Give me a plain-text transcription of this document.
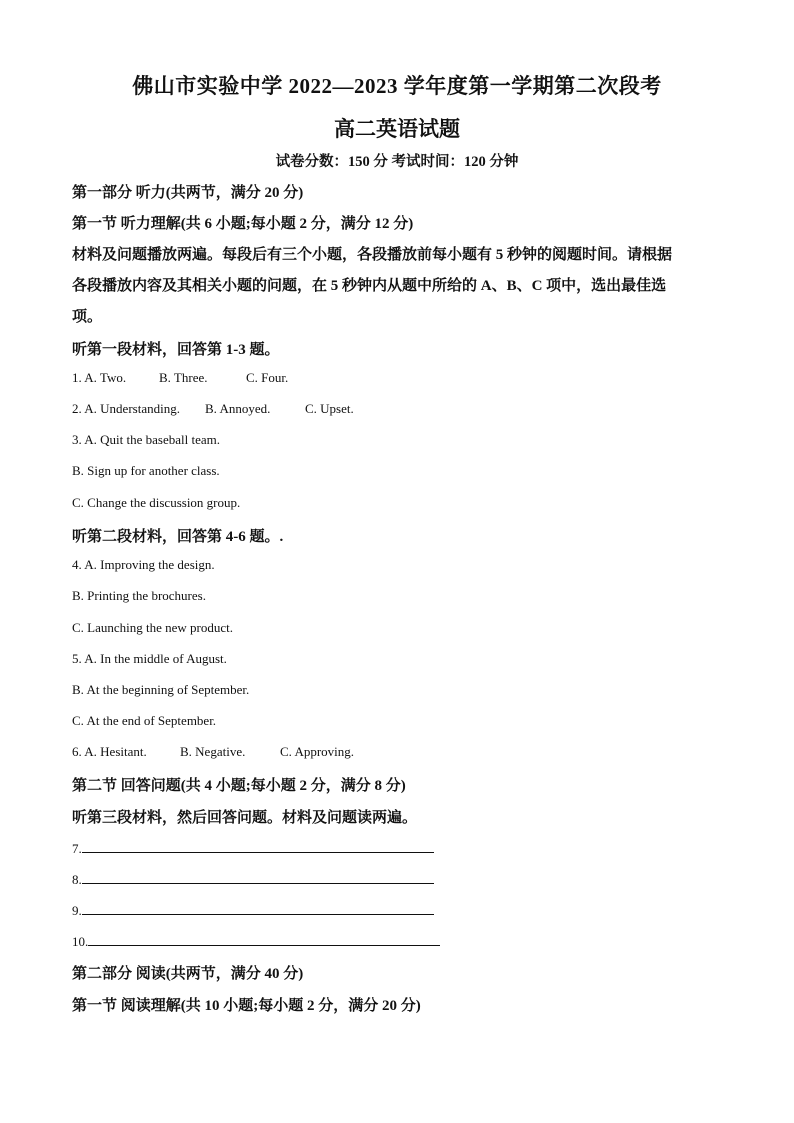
佛山市实验中学 2022—2023 学年度第一学期第二次段考
高二英语试题
试卷分数：150 分 考试时间：120 分钟
第一部分 听力(共两节，满分 20 分)
第一节 听力理解(共 6 小题;每小题 2 分，满分 12 分)
材料及问题播放两遍。每段后有三个小题，各段播放前每小题有 5 秒钟的阅题时间。请根据
各段播放内容及其相关小题的问题，在 5 秒钟内从题中所给的 A、B、C 项中，选出最佳选
项。
听第一段材料，回答第 1-3 题。
1. A. Two.	B. Three.	C. Four.
2. A. Understanding. B. Annoyed.	C. Upset.
3. A. Quit the baseball team.
B. Sign up for another class.
C. Change the discussion group.
听第二段材料，回答第 4-6 题。.
4. A. Improving the design.
B. Printing the brochures.
C. Launching the new product.
5. A. In the middle of August.
B. At the beginning of September.
C. At the end of September.
6. A. Hesitant.	B. Negative.	C. Approving.
第二节 回答问题(共 4 小题;每小题 2 分，满分 8 分)
听第三段材料，然后回答问题。材料及问题读两遍。
7.
8.
9.
10.
第二部分 阅读(共两节，满分 40 分)
第一节 阅读理解(共 10 小题;每小题 2 分，满分 20 分)
